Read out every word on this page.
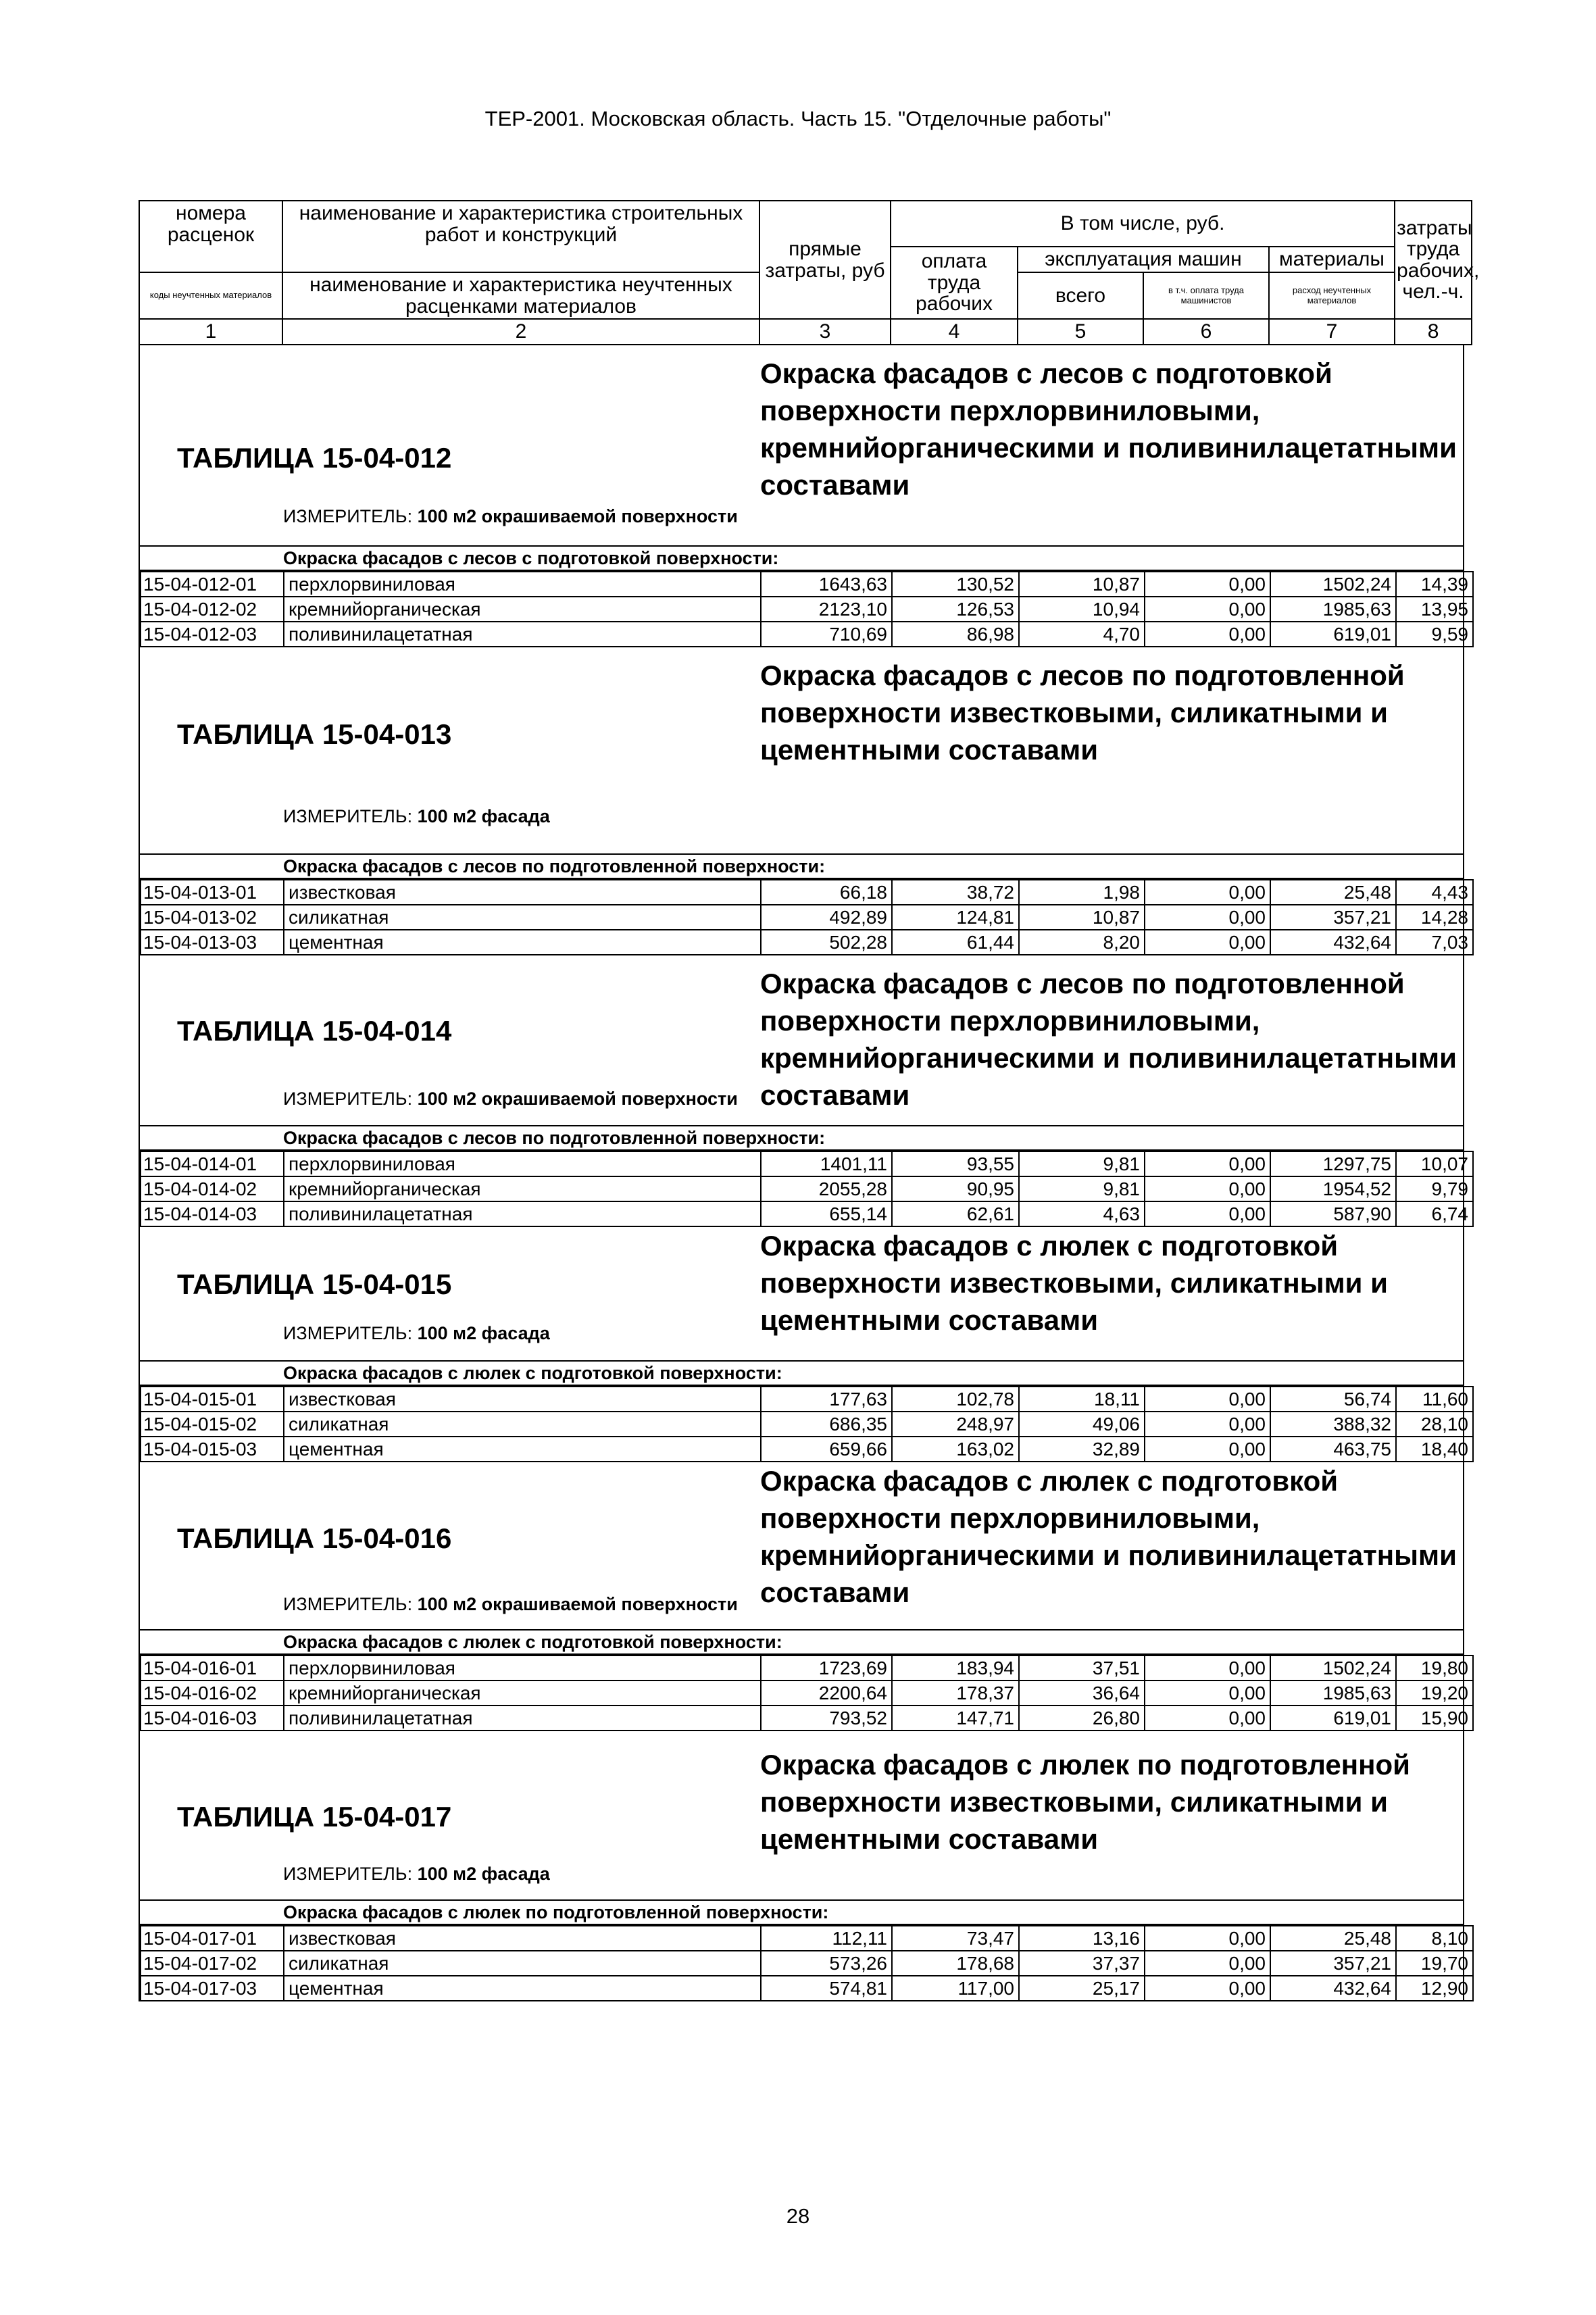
ТЕР-2001. Московская область. Часть 15. "Отделочные работы"
номера расценок	наименование и характеристика строительных работ и конструкций	прямые затраты, руб	В том числе, руб.				затраты труда рабочих, чел.-ч.
			оплата труда рабочих	эксплуатация машин		материалы	
коды неучтенных материалов	наименование и характеристика неучтенных расценками материалов			всего	в т.ч. оплата труда машинистов	расход неучтенных материалов	
1	2	3	4	5	6	7	8
ТАБЛИЦА 15-04-012
Окраска фасадов с лесов с подготовкой поверхности перхлорвиниловыми, кремнийорганическими и поливинилацетатными составами
ИЗМЕРИТЕЛЬ: 100 м2 окрашиваемой поверхности
Окраска фасадов с лесов с подготовкой поверхности:
15-04-012-01	перхлорвиниловая	1643,63	130,52	10,87	0,00	1502,24	14,39
15-04-012-02	кремнийорганическая	2123,10	126,53	10,94	0,00	1985,63	13,95
15-04-012-03	поливинилацетатная	710,69	86,98	4,70	0,00	619,01	9,59
ТАБЛИЦА 15-04-013
Окраска фасадов с лесов по подготовленной поверхности известковыми, силикатными и цементными составами
ИЗМЕРИТЕЛЬ: 100 м2 фасада
Окраска фасадов с лесов по подготовленной поверхности:
15-04-013-01	известковая	66,18	38,72	1,98	0,00	25,48	4,43
15-04-013-02	силикатная	492,89	124,81	10,87	0,00	357,21	14,28
15-04-013-03	цементная	502,28	61,44	8,20	0,00	432,64	7,03
ТАБЛИЦА 15-04-014
Окраска фасадов с лесов по подготовленной поверхности перхлорвиниловыми, кремнийорганическими и поливинилацетатными составами
ИЗМЕРИТЕЛЬ: 100 м2 окрашиваемой поверхности
Окраска фасадов с лесов по подготовленной поверхности:
15-04-014-01	перхлорвиниловая	1401,11	93,55	9,81	0,00	1297,75	10,07
15-04-014-02	кремнийорганическая	2055,28	90,95	9,81	0,00	1954,52	9,79
15-04-014-03	поливинилацетатная	655,14	62,61	4,63	0,00	587,90	6,74
ТАБЛИЦА 15-04-015
Окраска фасадов с люлек с подготовкой поверхности известковыми, силикатными и цементными составами
ИЗМЕРИТЕЛЬ: 100 м2 фасада
Окраска фасадов с люлек с подготовкой поверхности:
15-04-015-01	известковая	177,63	102,78	18,11	0,00	56,74	11,60
15-04-015-02	силикатная	686,35	248,97	49,06	0,00	388,32	28,10
15-04-015-03	цементная	659,66	163,02	32,89	0,00	463,75	18,40
ТАБЛИЦА 15-04-016
Окраска фасадов с люлек с подготовкой поверхности перхлорвиниловыми, кремнийорганическими и поливинилацетатными составами
ИЗМЕРИТЕЛЬ: 100 м2 окрашиваемой поверхности
Окраска фасадов с люлек с подготовкой поверхности:
15-04-016-01	перхлорвиниловая	1723,69	183,94	37,51	0,00	1502,24	19,80
15-04-016-02	кремнийорганическая	2200,64	178,37	36,64	0,00	1985,63	19,20
15-04-016-03	поливинилацетатная	793,52	147,71	26,80	0,00	619,01	15,90
ТАБЛИЦА 15-04-017
Окраска фасадов с люлек по подготовленной поверхности известковыми, силикатными и цементными составами
ИЗМЕРИТЕЛЬ: 100 м2 фасада
Окраска фасадов с люлек по подготовленной поверхности:
15-04-017-01	известковая	112,11	73,47	13,16	0,00	25,48	8,10
15-04-017-02	силикатная	573,26	178,68	37,37	0,00	357,21	19,70
15-04-017-03	цементная	574,81	117,00	25,17	0,00	432,64	12,90
28
